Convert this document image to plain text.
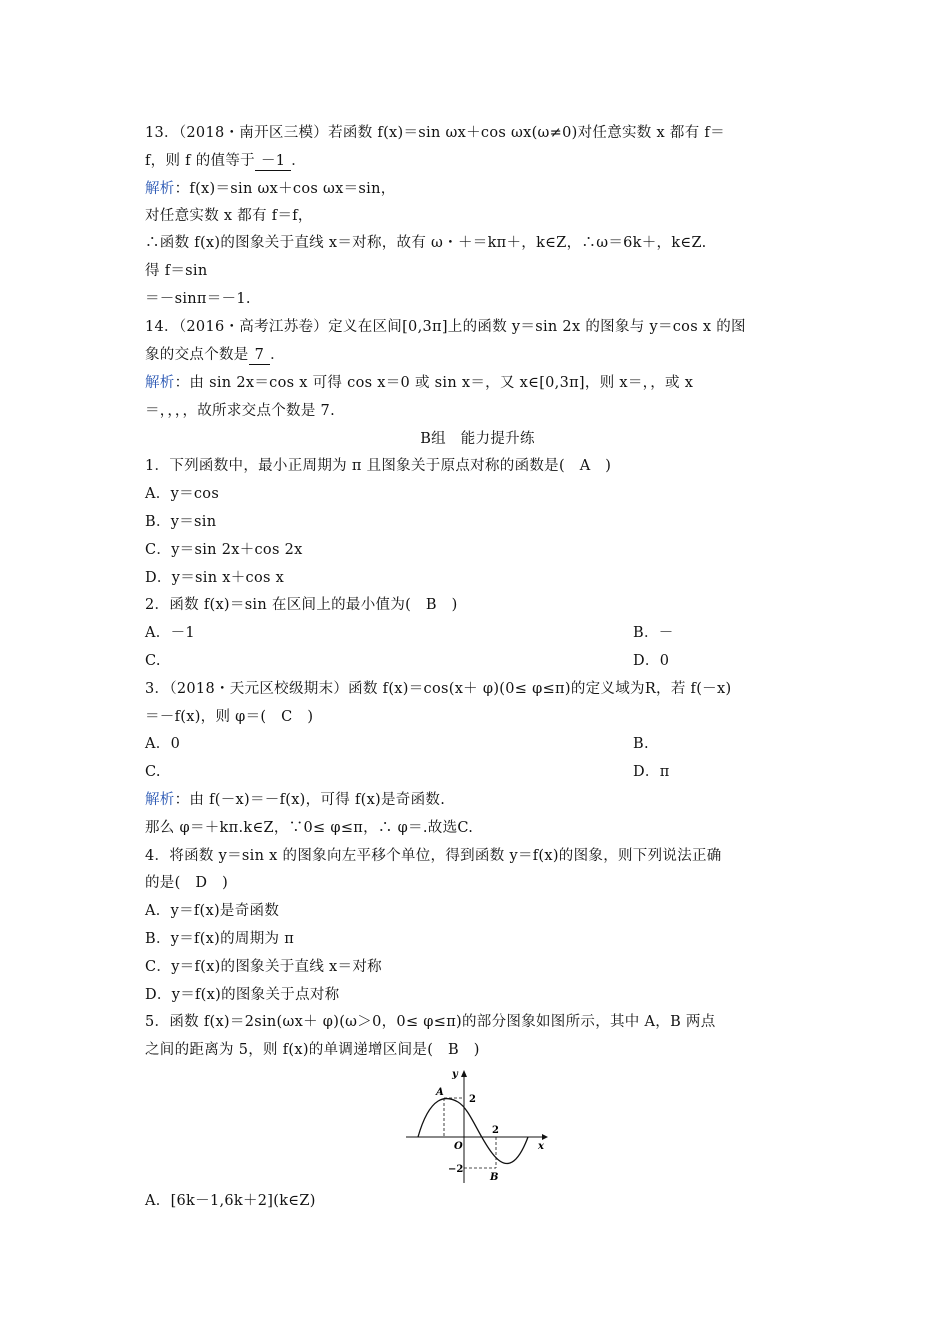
13．（2018・南开区三模）若函数 f(x)＝sin ωx＋cos ωx(ω≠0)对任意实数 x 都有 f＝
f，则 f 的值等于 －1 ．
解析：f(x)＝sin ωx＋cos ωx＝sin，
对任意实数 x 都有 f＝f，
∴函数 f(x)的图象关于直线 x＝对称，故有 ω・＋＝kπ＋，k∈Z，∴ω＝6k＋，k∈Z.
得 f＝sin
＝－sinπ＝－1.
14．（2016・高考江苏卷）定义在区间[0,3π]上的函数 y＝sin 2x 的图象与 y＝cos x 的图
象的交点个数是 7 ．
解析：由 sin 2x＝cos x 可得 cos x＝0 或 sin x＝，又 x∈[0,3π]，则 x＝，，或 x
＝，，，，故所求交点个数是 7.
B组　能力提升练
1．下列函数中，最小正周期为 π 且图象关于原点对称的函数是(　A　)
A．y＝cos
B．y＝sin
C．y＝sin 2x＋cos 2x
D．y＝sin x＋cos x
2．函数 f(x)＝sin 在区间上的最小值为(　B　)
A．－1	B．－
C.	D．0
3．（2018・天元区校级期末）函数 f(x)＝cos(x＋ φ)(0≤ φ≤π)的定义域为R，若 f(－x)
＝－f(x)，则 φ＝(　C　)
A．0	B.
C.	D．π
解析：由 f(－x)＝－f(x)，可得 f(x)是奇函数.
那么 φ＝＋kπ.k∈Z，∵0≤ φ≤π，∴ φ＝.故选C.
4．将函数 y＝sin x 的图象向左平移个单位，得到函数 y＝f(x)的图象，则下列说法正确
的是(　D　)
A．y＝f(x)是奇函数
B．y＝f(x)的周期为 π
C．y＝f(x)的图象关于直线 x＝对称
D．y＝f(x)的图象关于点对称
5．函数 f(x)＝2sin(ωx＋ φ)(ω＞0，0≤ φ≤π)的部分图象如图所示，其中 A，B 两点
之间的距离为 5，则 f(x)的单调递增区间是(　B　)
y
x
A
B
O
2
−2
2
A．[6k－1,6k＋2](k∈Z)
